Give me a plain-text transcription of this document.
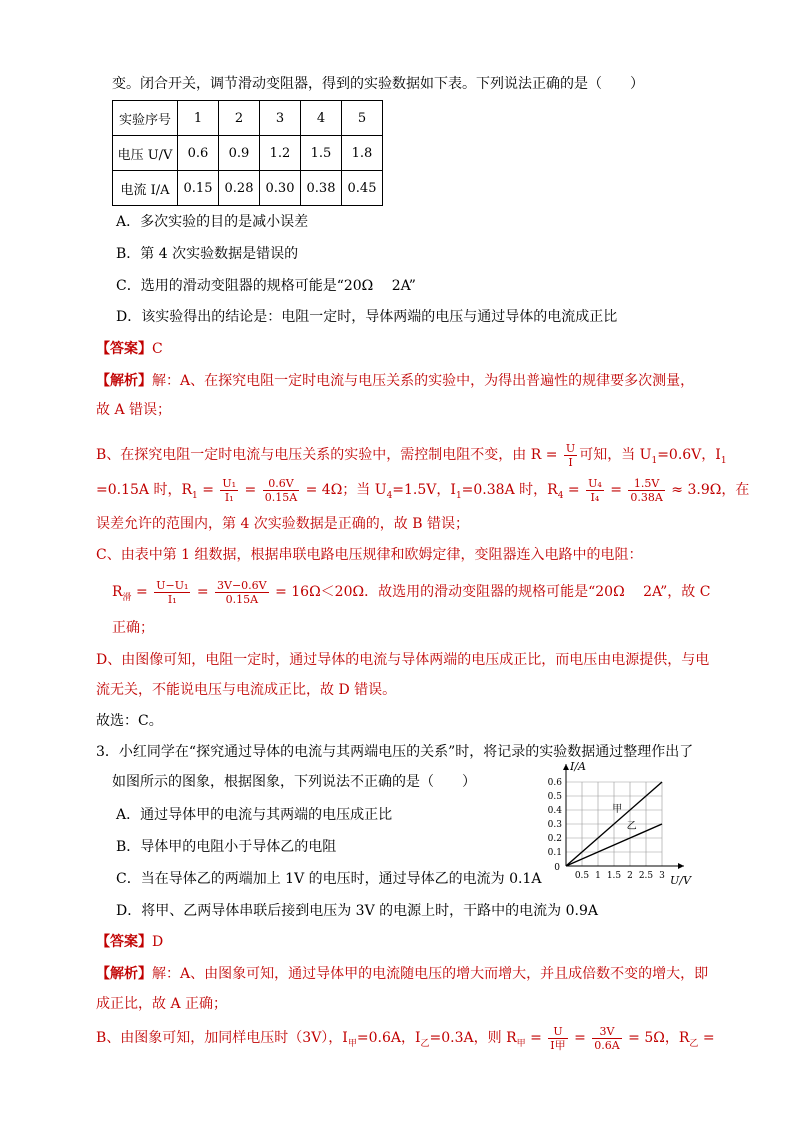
变。闭合开关，调节滑动变阻器，得到的实验数据如下表。下列说法正确的是（　　）
实验序号	1	2	3	4	5
电压 U/V	0.6	0.9	1.2	1.5	1.8
电流 I/A	0.15	0.28	0.30	0.38	0.45
A．多次实验的目的是减小误差
B．第 4 次实验数据是错误的
C．选用的滑动变阻器的规格可能是“20Ω　 2A”
D．该实验得出的结论是：电阻一定时，导体两端的电压与通过导体的电流成正比
【答案】C
【解析】解：A、在探究电阻一定时电流与电压关系的实验中，为得出普遍性的规律要多次测量，
故 A 错误；
B、在探究电阻一定时电流与电压关系的实验中，需控制电阻不变，由 $R = \frac{U}{I}$ 可知，当 $U_1=0.6V$，$I_1$
=0.15A 时，$R_1 = \frac{\text{U₁}}{\text{I₁}} = \frac{0.6V}{0.15A} = 4\Omega$；当 $U_4=1.5V$，$I_1=0.38A$ 时，$R_4 = \frac{\text{U₄}}{\text{I₄}} = \frac{1.5V}{0.38A} \approx 3.9\Omega$，在
误差允许的范围内，第 4 次实验数据是正确的，故 B 错误；
C、由表中第 1 组数据，根据串联电路电压规律和欧姆定律，变阻器连入电路中的电阻：
$R_滑 = \frac{\text{U−U₁}}{\text{I₁}} = \frac{3V-0.6V}{0.15A} = 16\Omega<20\Omega$．故选用的滑动变阻器的规格可能是“20Ω　 2A”，故 C
正确；
D、由图像可知，电阻一定时，通过导体的电流与导体两端的电压成正比，而电压由电源提供，与电
流无关，不能说电压与电流成正比，故 D 错误。
故选：C。
3．小红同学在“探究通过导体的电流与其两端电压的关系”时，将记录的实验数据通过整理作出了
如图所示的图象，根据图象，下列说法不正确的是（　　）
A．通过导体甲的电流与其两端的电压成正比
B．导体甲的电阻小于导体乙的电阻
C．当在导体乙的两端加上 1V 的电压时，通过导体乙的电流为 0.1A
D．将甲、乙两导体串联后接到电压为 3V 的电源上时，干路中的电流为 0.9A
0.1
0.2
0.3
0.4
0.5
0.6
0.5 1 1.5 2 2.5 3
0
I/A
U/V
甲
乙
【答案】D
【解析】解：A、由图象可知，通过导体甲的电流随电压的增大而增大，并且成倍数不变的增大，即
成正比，故 A 正确；
B、由图象可知，加同样电压时（3V），$I_甲=0.6A$，$I_乙=0.3A$，则 $R_甲 = \frac{U}{\text{I甲}} = \frac{3V}{0.6A} = 5\Omega$，$R_乙$ =
